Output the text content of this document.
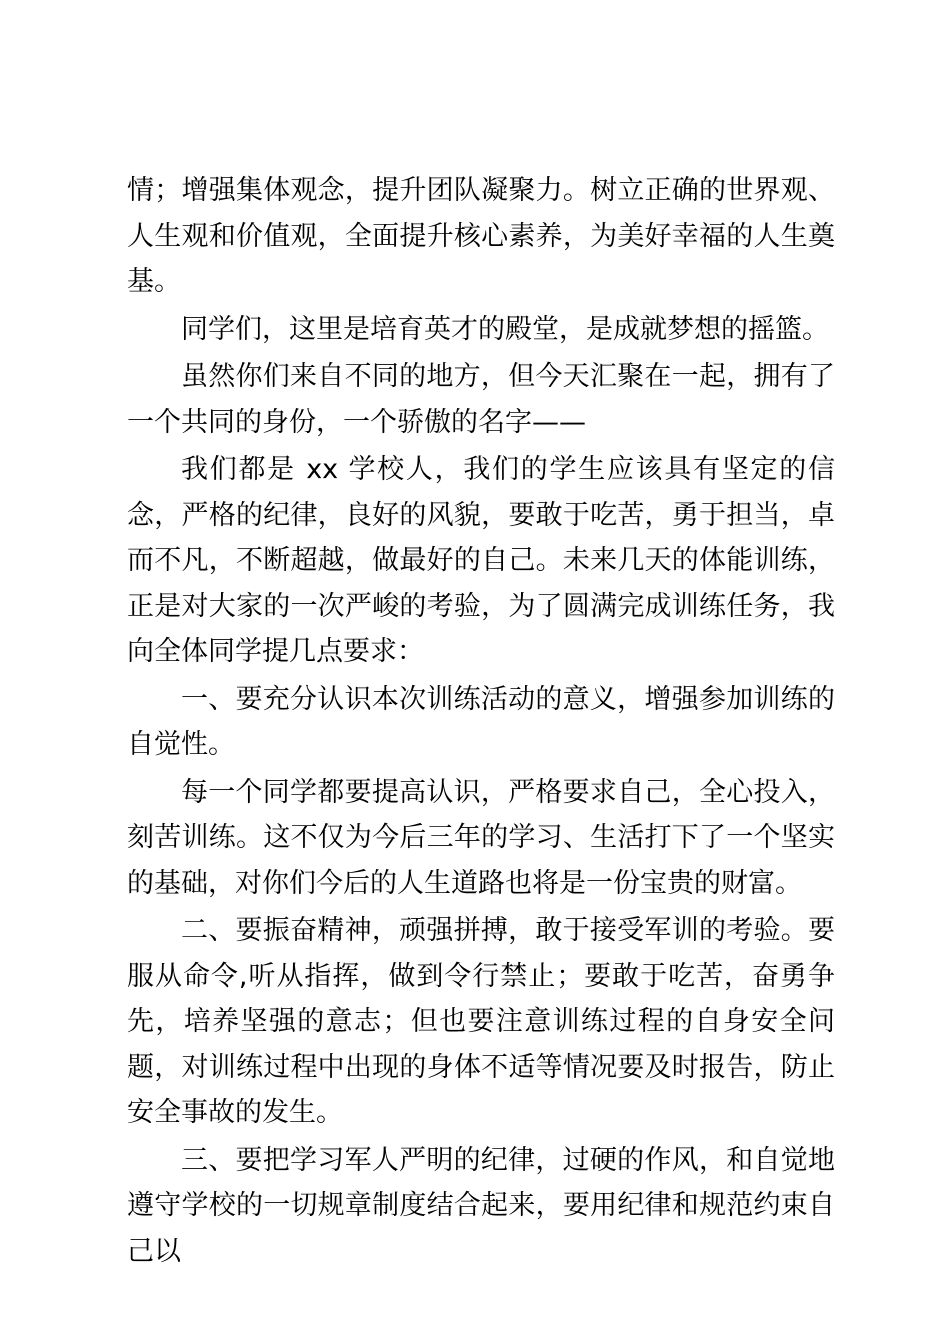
情；增强集体观念，提升团队凝聚力。树立正确的世界观、人生观和价值观，全面提升核心素养，为美好幸福的人生奠基。

同学们，这里是培育英才的殿堂，是成就梦想的摇篮。

虽然你们来自不同的地方，但今天汇聚在一起，拥有了一个共同的身份，一个骄傲的名字——

我们都是 xx 学校人，我们的学生应该具有坚定的信念，严格的纪律，良好的风貌，要敢于吃苦，勇于担当，卓而不凡，不断超越，做最好的自己。未来几天的体能训练，正是对大家的一次严峻的考验，为了圆满完成训练任务，我向全体同学提几点要求：

一、要充分认识本次训练活动的意义，增强参加训练的自觉性。

每一个同学都要提高认识，严格要求自己，全心投入，刻苦训练。这不仅为今后三年的学习、生活打下了一个坚实的基础，对你们今后的人生道路也将是一份宝贵的财富。

二、要振奋精神，顽强拼搏，敢于接受军训的考验。要服从命令,听从指挥，做到令行禁止；要敢于吃苦，奋勇争先，培养坚强的意志；但也要注意训练过程的自身安全问题，对训练过程中出现的身体不适等情况要及时报告，防止安全事故的发生。

三、要把学习军人严明的纪律，过硬的作风，和自觉地遵守学校的一切规章制度结合起来，要用纪律和规范约束自己以
